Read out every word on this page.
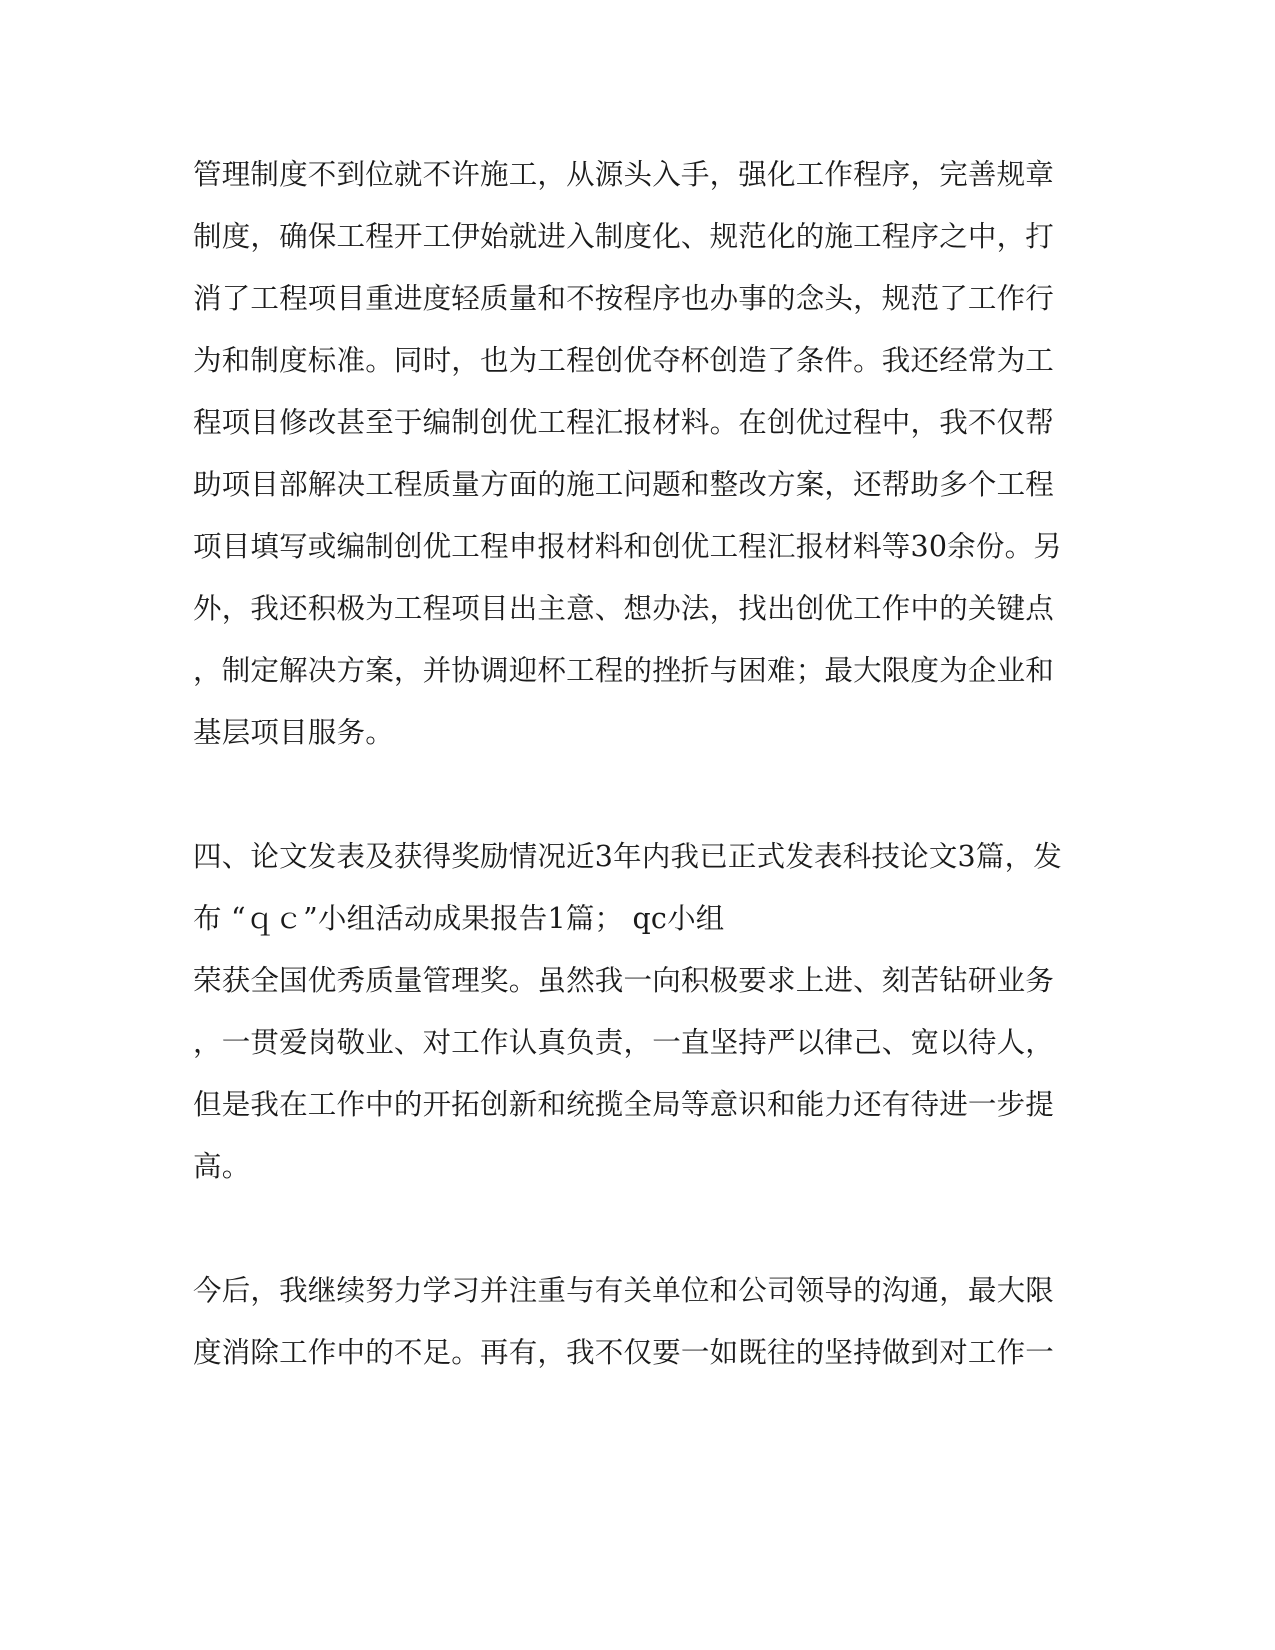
管理制度不到位就不许施工，从源头入手，强化工作程序，完善规章
制度，确保工程开工伊始就进入制度化、规范化的施工程序之中，打
消了工程项目重进度轻质量和不按程序也办事的念头，规范了工作行
为和制度标准。同时，也为工程创优夺杯创造了条件。我还经常为工
程项目修改甚至于编制创优工程汇报材料。在创优过程中，我不仅帮
助项目部解决工程质量方面的施工问题和整改方案，还帮助多个工程
项目填写或编制创优工程申报材料和创优工程汇报材料等30余份。另
外，我还积极为工程项目出主意、想办法，找出创优工作中的关键点
，制定解决方案，并协调迎杯工程的挫折与困难；最大限度为企业和
基层项目服务。
四、论文发表及获得奖励情况近3年内我已正式发表科技论文3篇，发
布 “ｑｃ”小组活动成果报告1篇； qc小组
荣获全国优秀质量管理奖。虽然我一向积极要求上进、刻苦钻研业务
，一贯爱岗敬业、对工作认真负责，一直坚持严以律己、宽以待人，
但是我在工作中的开拓创新和统揽全局等意识和能力还有待进一步提
高。
今后，我继续努力学习并注重与有关单位和公司领导的沟通，最大限
度消除工作中的不足。再有，我不仅要一如既往的坚持做到对工作一
